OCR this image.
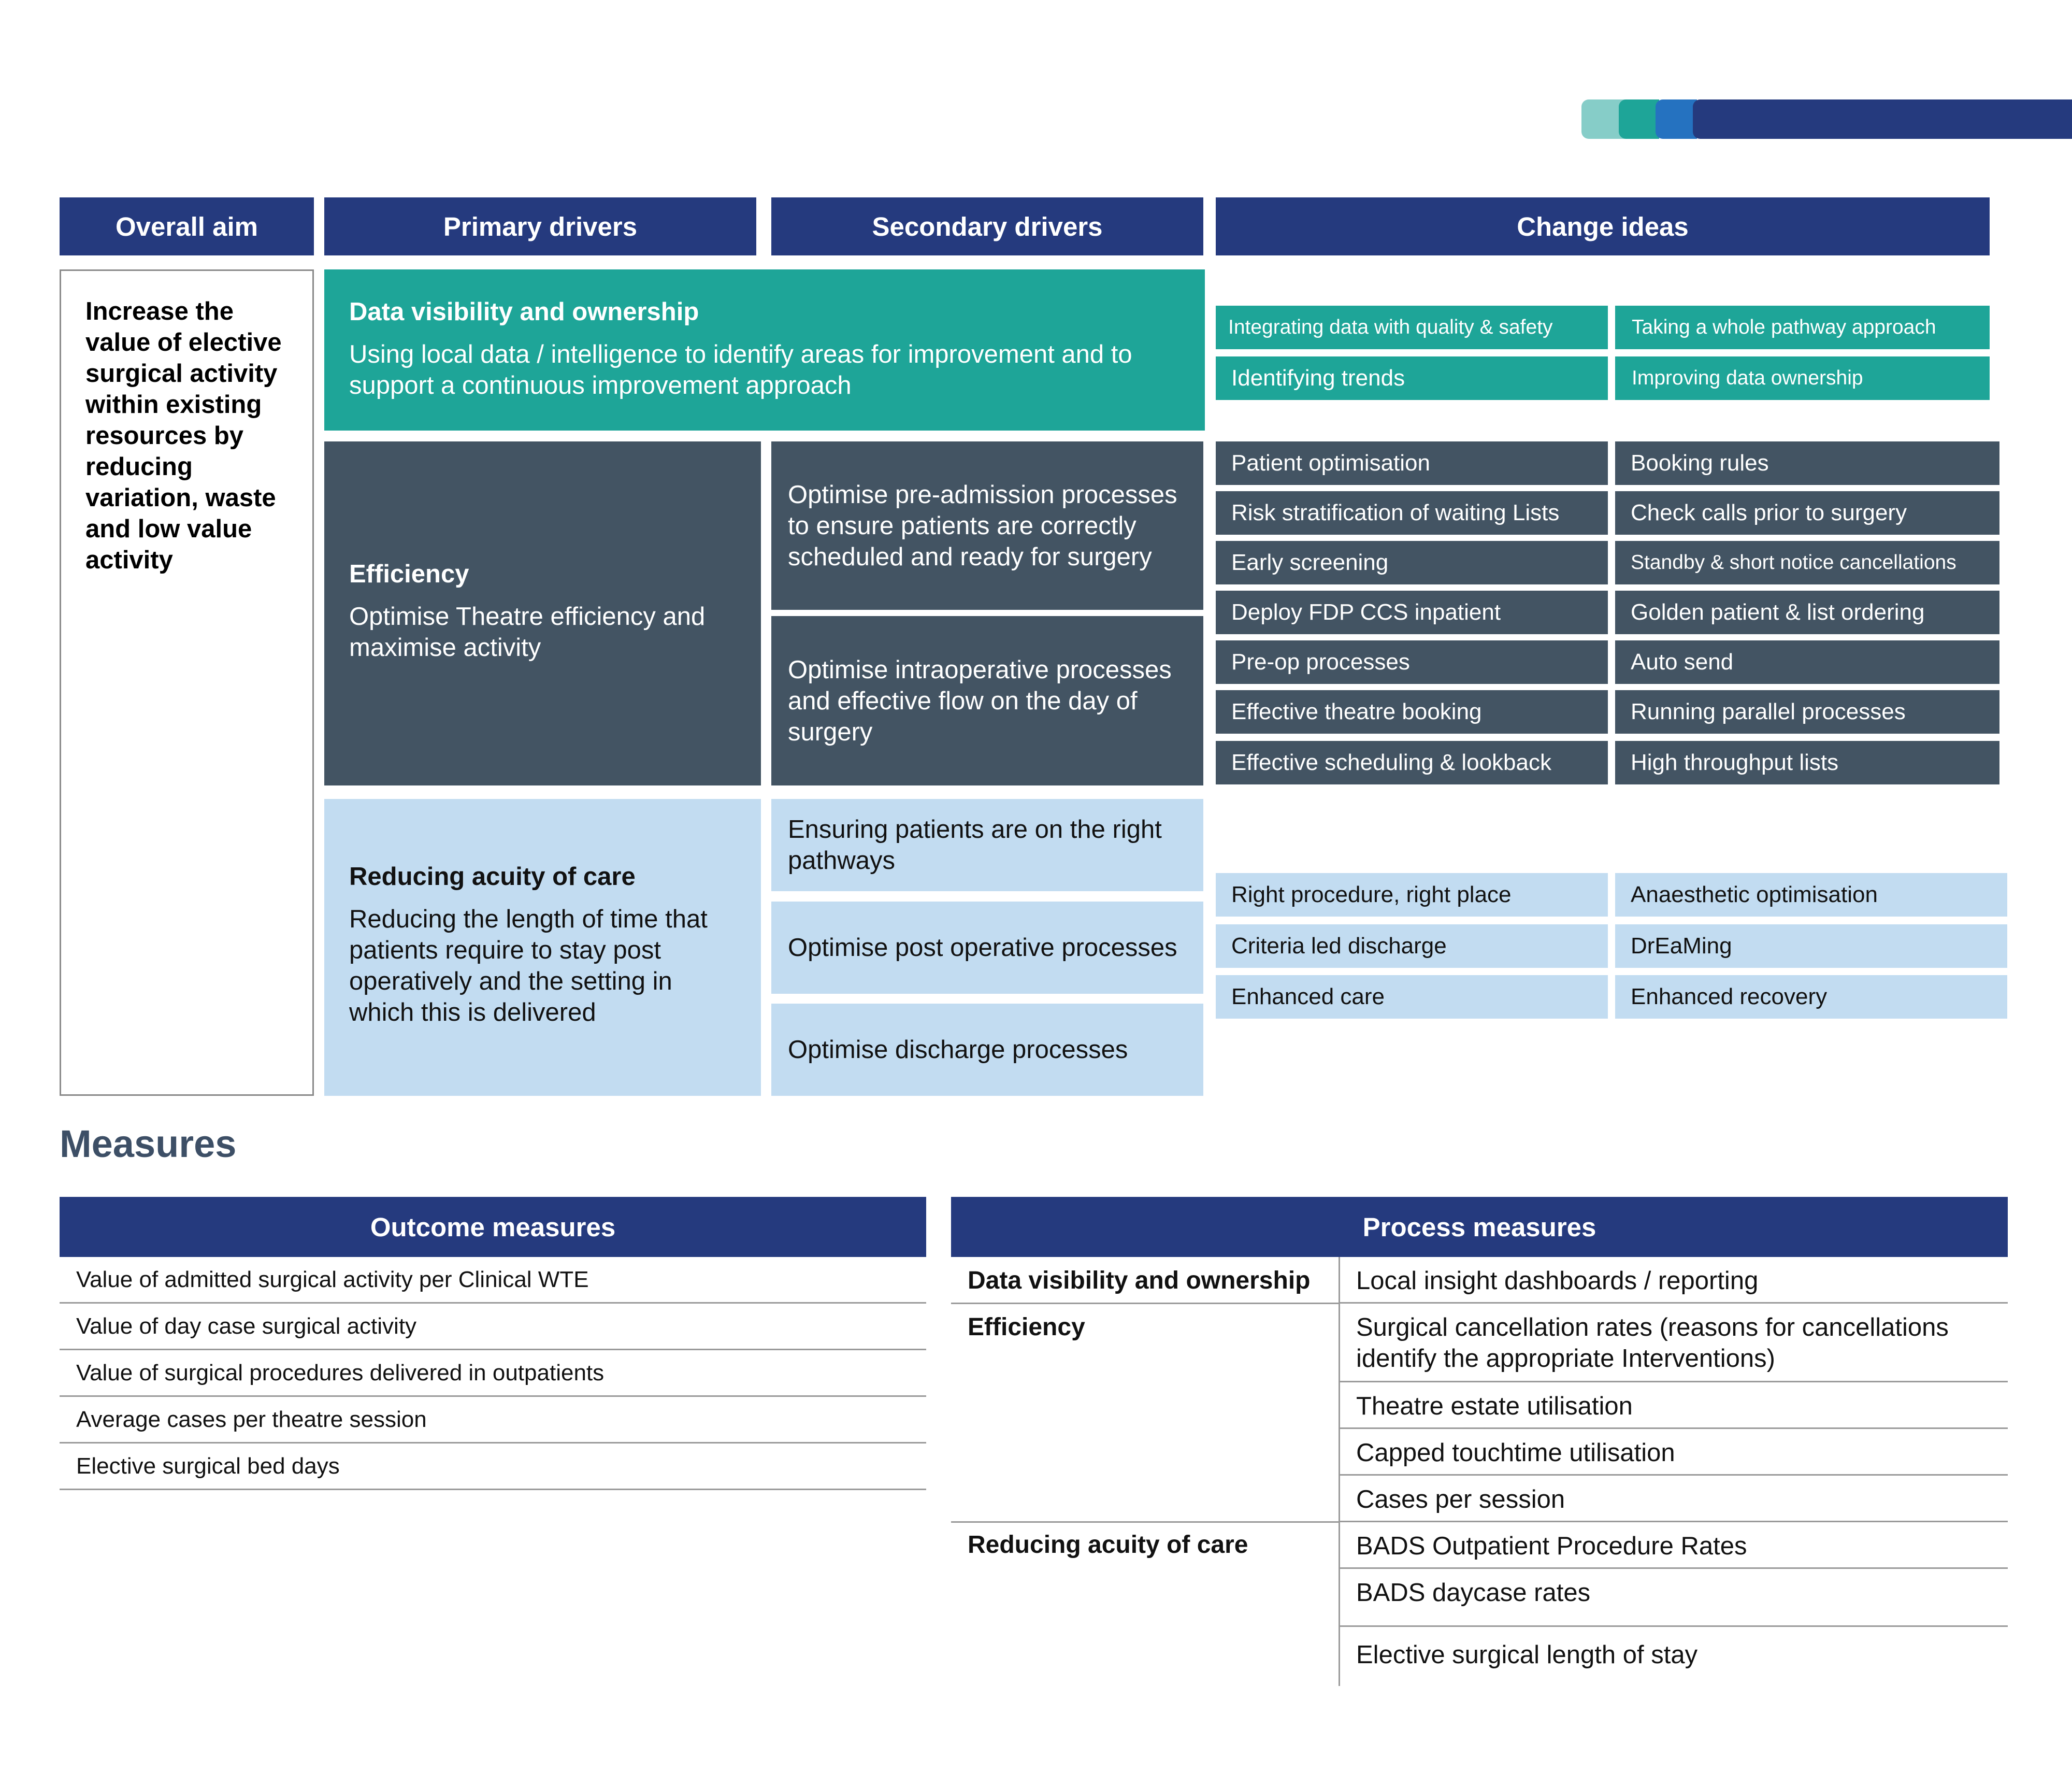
Overall aim	Primary drivers	Secondary drivers	Change ideas
Increase the value of elective surgical activity within existing resources by reducing variation, waste and low value activity
Data visibility and ownership
Using local data / intelligence to identify areas for improvement and to support a continuous improvement approach
Efficiency
Optimise Theatre efficiency and maximise activity
Reducing acuity of care
Reducing the length of time that patients require to stay post operatively and the setting in which this is delivered
Optimise pre-admission processes to ensure patients are correctly scheduled and ready for surgery
Optimise intraoperative processes and effective flow on the day of surgery
Ensuring patients are on the right pathways
Optimise post operative processes
Optimise discharge processes
Integrating data with quality & safety	Taking a whole pathway approach
Identifying trends	Improving data ownership
Patient optimisation	Booking rules
Risk stratification of waiting Lists	Check calls prior to surgery
Early screening	Standby & short notice cancellations
Deploy FDP CCS inpatient	Golden patient & list ordering
Pre-op processes	Auto send
Effective theatre booking	Running parallel processes
Effective scheduling & lookback	High throughput lists
Right procedure, right place	Anaesthetic optimisation
Criteria led discharge	DrEaMing
Enhanced care	Enhanced recovery
Measures
Outcome measures	Process measures
Value of admitted surgical activity per Clinical WTE
Value of day case surgical activity
Value of surgical procedures delivered in outpatients
Average cases per theatre session
Elective surgical bed days
Data visibility and ownership	Local insight dashboards / reporting
Efficiency	Surgical cancellation rates (reasons for cancellations identify the appropriate Interventions)
Theatre estate utilisation
Capped touchtime utilisation
Cases per session
Reducing acuity of care	BADS Outpatient Procedure Rates
BADS daycase rates
Elective surgical length of stay
